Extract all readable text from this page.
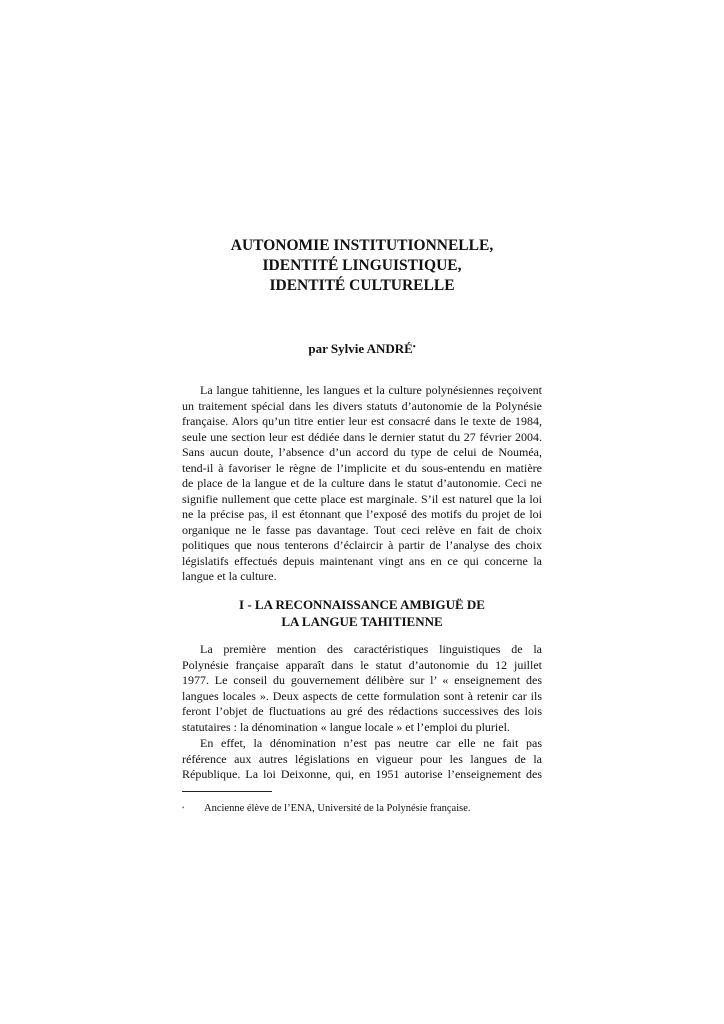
AUTONOMIE INSTITUTIONNELLE,
IDENTITÉ LINGUISTIQUE,
IDENTITÉ CULTURELLE
par Sylvie ANDRÉ•
La langue tahitienne, les langues et la culture polynésiennes reçoivent
un traitement spécial dans les divers statuts d’autonomie de la Polynésie
française. Alors qu’un titre entier leur est consacré dans le texte de 1984,
seule une section leur est dédiée dans le dernier statut du 27 février 2004.
Sans aucun doute, l’absence d’un accord du type de celui de Nouméa,
tend-il à favoriser le règne de l’implicite et du sous-entendu en matière
de place de la langue et de la culture dans le statut d’autonomie. Ceci ne
signifie nullement que cette place est marginale. S’il est naturel que la loi
ne la précise pas, il est étonnant que l’exposé des motifs du projet de loi
organique ne le fasse pas davantage. Tout ceci relève en fait de choix
politiques que nous tenterons d’éclaircir à partir de l’analyse des choix
législatifs effectués depuis maintenant vingt ans en ce qui concerne la
langue et la culture.
I - LA RECONNAISSANCE AMBIGUË DE
LA LANGUE TAHITIENNE
La première mention des caractéristiques linguistiques de la
Polynésie française apparaît dans le statut d’autonomie du 12 juillet
1977. Le conseil du gouvernement délibère sur l’ « enseignement des
langues locales ». Deux aspects de cette formulation sont à retenir car ils
feront l’objet de fluctuations au gré des rédactions successives des lois
statutaires : la dénomination « langue locale » et l’emploi du pluriel.
En effet, la dénomination n’est pas neutre car elle ne fait pas
référence aux autres législations en vigueur pour les langues de la
République. La loi Deixonne, qui, en 1951 autorise l’enseignement des
• Ancienne élève de l’ENA, Université de la Polynésie française.
